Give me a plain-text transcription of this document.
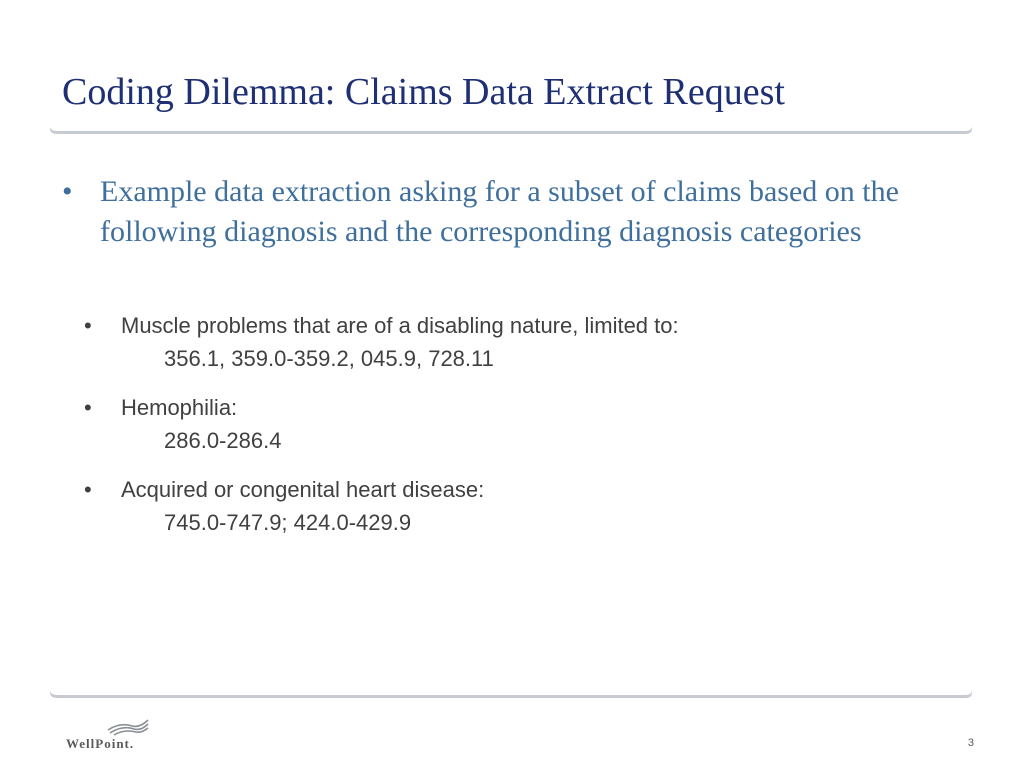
Coding Dilemma: Claims Data Extract Request
• Example data extraction asking for a subset of claims based on the following diagnosis and the corresponding diagnosis categories
• Muscle problems that are of a disabling nature, limited to:
356.1, 359.0-359.2, 045.9, 728.11
• Hemophilia:
286.0-286.4
• Acquired or congenital heart disease:
745.0-747.9; 424.0-429.9
WellPoint.	3
